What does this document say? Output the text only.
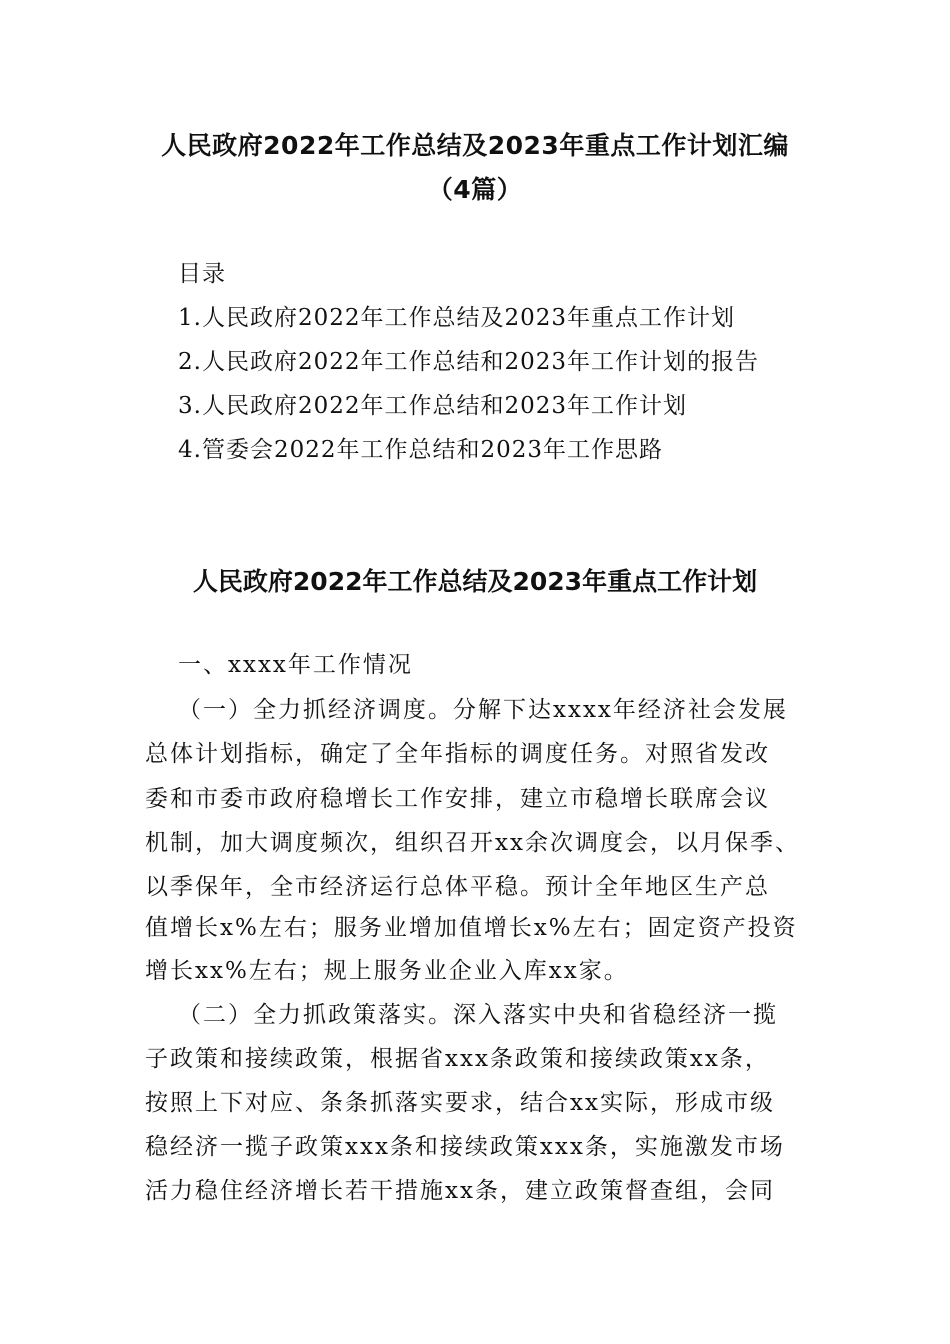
人民政府2022年工作总结及2023年重点工作计划汇编
（4篇）
目录
1.人民政府2022年工作总结及2023年重点工作计划
2.人民政府2022年工作总结和2023年工作计划的报告
3.人民政府2022年工作总结和2023年工作计划
4.管委会2022年工作总结和2023年工作思路
人民政府2022年工作总结及2023年重点工作计划
一、xxxx年工作情况
（一）全力抓经济调度。分解下达xxxx年经济社会发展
总体计划指标，确定了全年指标的调度任务。对照省发改
委和市委市政府稳增长工作安排，建立市稳增长联席会议
机制，加大调度频次，组织召开xx余次调度会，以月保季、
以季保年，全市经济运行总体平稳。预计全年地区生产总
值增长x%左右；服务业增加值增长x%左右；固定资产投资
增长xx%左右；规上服务业企业入库xx家。
（二）全力抓政策落实。深入落实中央和省稳经济一揽
子政策和接续政策，根据省xxx条政策和接续政策xx条，
按照上下对应、条条抓落实要求，结合xx实际，形成市级
稳经济一揽子政策xxx条和接续政策xxx条，实施激发市场
活力稳住经济增长若干措施xx条，建立政策督查组，会同
